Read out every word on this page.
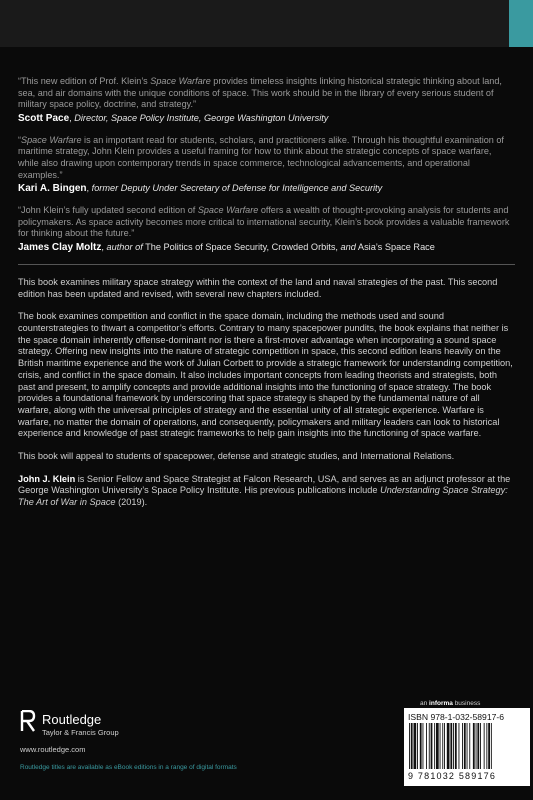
“This new edition of Prof. Klein’s Space Warfare provides timeless insights linking historical strategic thinking about land, sea, and air domains with the unique conditions of space. This work should be in the library of every serious student of military space policy, doctrine, and strategy.”
Scott Pace, Director, Space Policy Institute, George Washington University
“Space Warfare is an important read for students, scholars, and practitioners alike. Through his thoughtful examination of maritime strategy, John Klein provides a useful framing for how to think about the strategic concepts of space warfare, while also drawing upon contemporary trends in space commerce, technological advancements, and operational examples.”
Kari A. Bingen, former Deputy Under Secretary of Defense for Intelligence and Security
“John Klein’s fully updated second edition of Space Warfare offers a wealth of thought-provoking analysis for students and policymakers. As space activity becomes more critical to international security, Klein’s book provides a valuable framework for thinking about the future.”
James Clay Moltz, author of The Politics of Space Security, Crowded Orbits, and Asia’s Space Race
This book examines military space strategy within the context of the land and naval strategies of the past. This second edition has been updated and revised, with several new chapters included.
The book examines competition and conflict in the space domain, including the methods used and sound counterstrategies to thwart a competitor’s efforts. Contrary to many spacepower pundits, the book explains that neither is the space domain inherently offense-dominant nor is there a first-mover advantage when incorporating a sound space strategy. Offering new insights into the nature of strategic competition in space, this second edition leans heavily on the British maritime experience and the work of Julian Corbett to provide a strategic framework for understanding competition, crisis, and conflict in the space domain. It also includes important concepts from leading theorists and strategists, both past and present, to amplify concepts and provide additional insights into the functioning of space strategy. The book provides a foundational framework by underscoring that space strategy is shaped by the fundamental nature of all warfare, along with the universal principles of strategy and the essential unity of all strategic experience. Warfare is warfare, no matter the domain of operations, and consequently, policymakers and military leaders can look to historical experience and knowledge of past strategic frameworks to help gain insights into the functioning of space warfare.
This book will appeal to students of spacepower, defense and strategic studies, and International Relations.
John J. Klein is Senior Fellow and Space Strategist at Falcon Research, USA, and serves as an adjunct professor at the George Washington University’s Space Policy Institute. His previous publications include Understanding Space Strategy: The Art of War in Space (2019).
Routledge
Taylor & Francis Group
www.routledge.com
Routledge titles are available as eBook editions in a range of digital formats
an informa business
ISBN 978-1-032-58917-6
9 781032 589176
